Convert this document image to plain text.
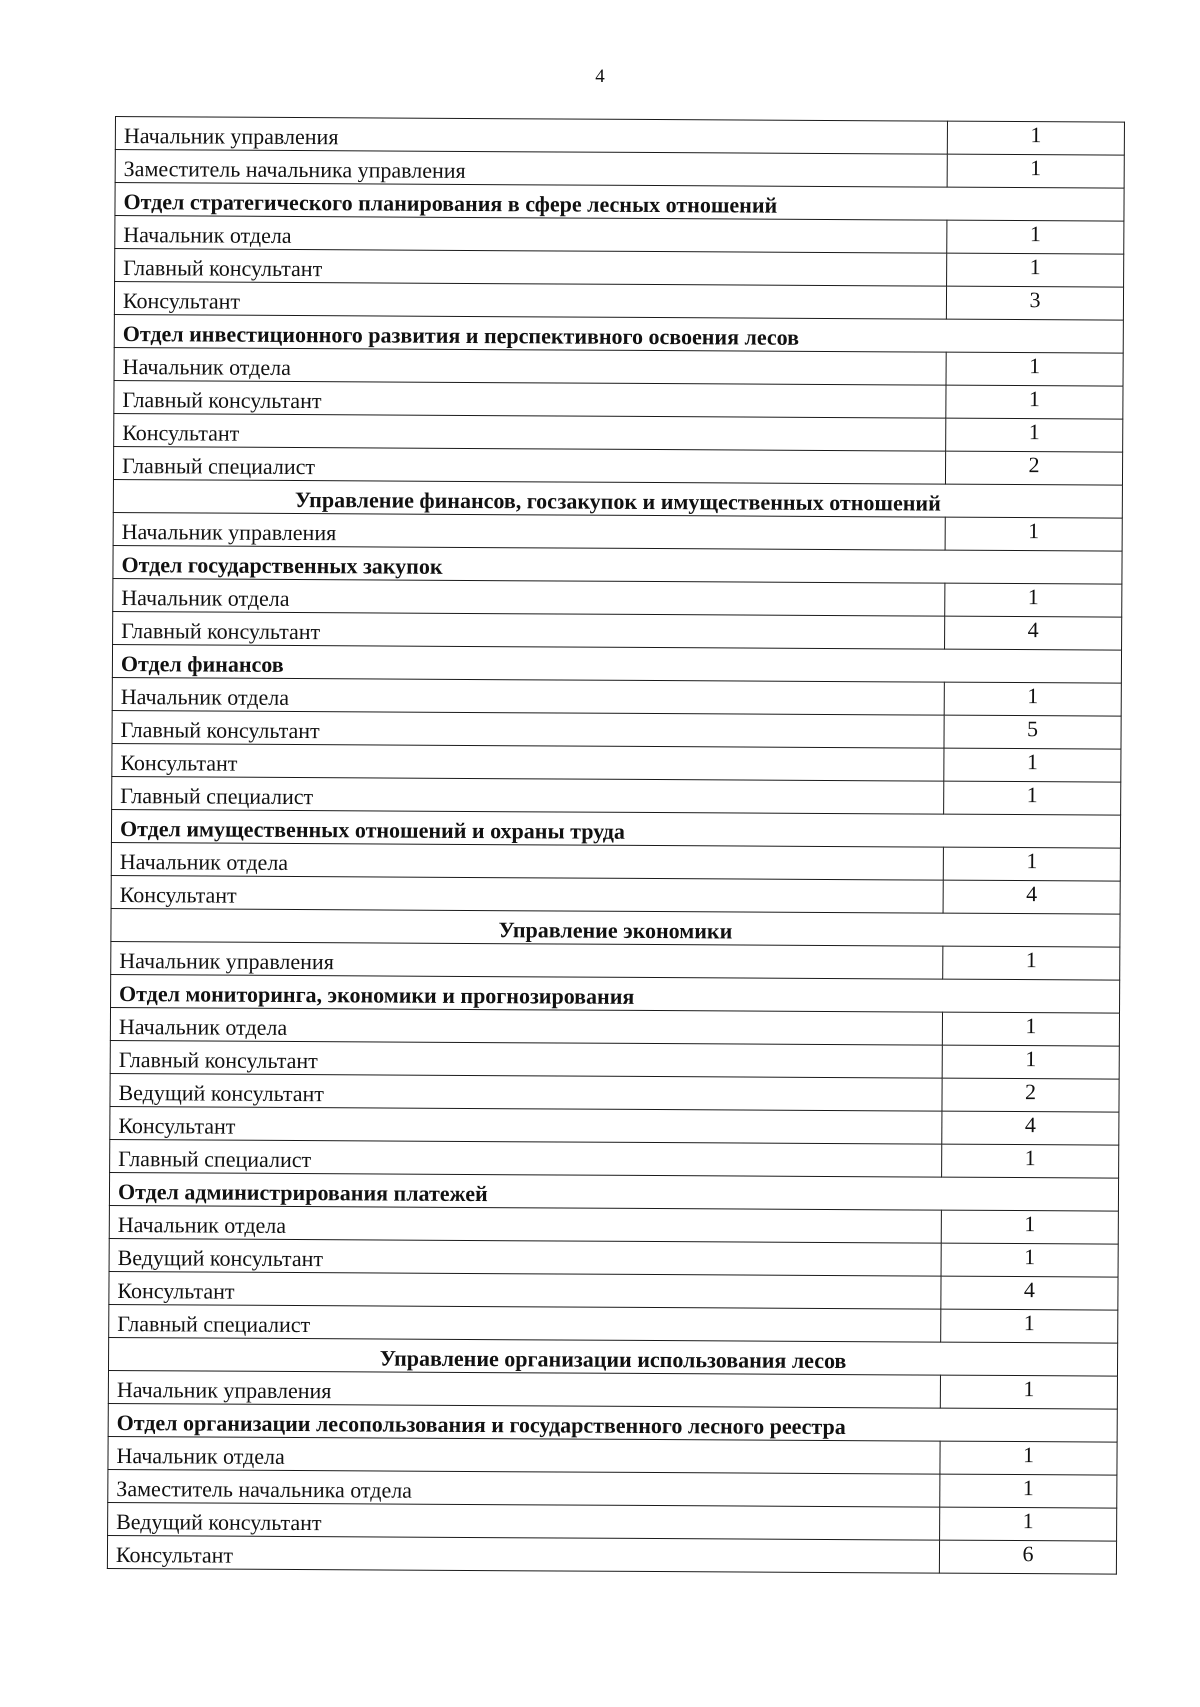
4
Начальник управления	1
Заместитель начальника управления	1
Отдел стратегического планирования в сфере лесных отношений	
Начальник отдела	1
Главный консультант	1
Консультант	3
Отдел инвестиционного развития и перспективного освоения лесов	
Начальник отдела	1
Главный консультант	1
Консультант	1
Главный специалист	2
Управление финансов, госзакупок и имущественных отношений	
Начальник управления	1
Отдел государственных закупок	
Начальник отдела	1
Главный консультант	4
Отдел финансов	
Начальник отдела	1
Главный консультант	5
Консультант	1
Главный специалист	1
Отдел имущественных отношений и охраны труда	
Начальник отдела	1
Консультант	4
Управление экономики	
Начальник управления	1
Отдел мониторинга, экономики и прогнозирования	
Начальник отдела	1
Главный консультант	1
Ведущий консультант	2
Консультант	4
Главный специалист	1
Отдел администрирования платежей	
Начальник отдела	1
Ведущий консультант	1
Консультант	4
Главный специалист	1
Управление организации использования лесов	
Начальник управления	1
Отдел организации лесопользования и государственного лесного реестра	
Начальник отдела	1
Заместитель начальника отдела	1
Ведущий консультант	1
Консультант	6
